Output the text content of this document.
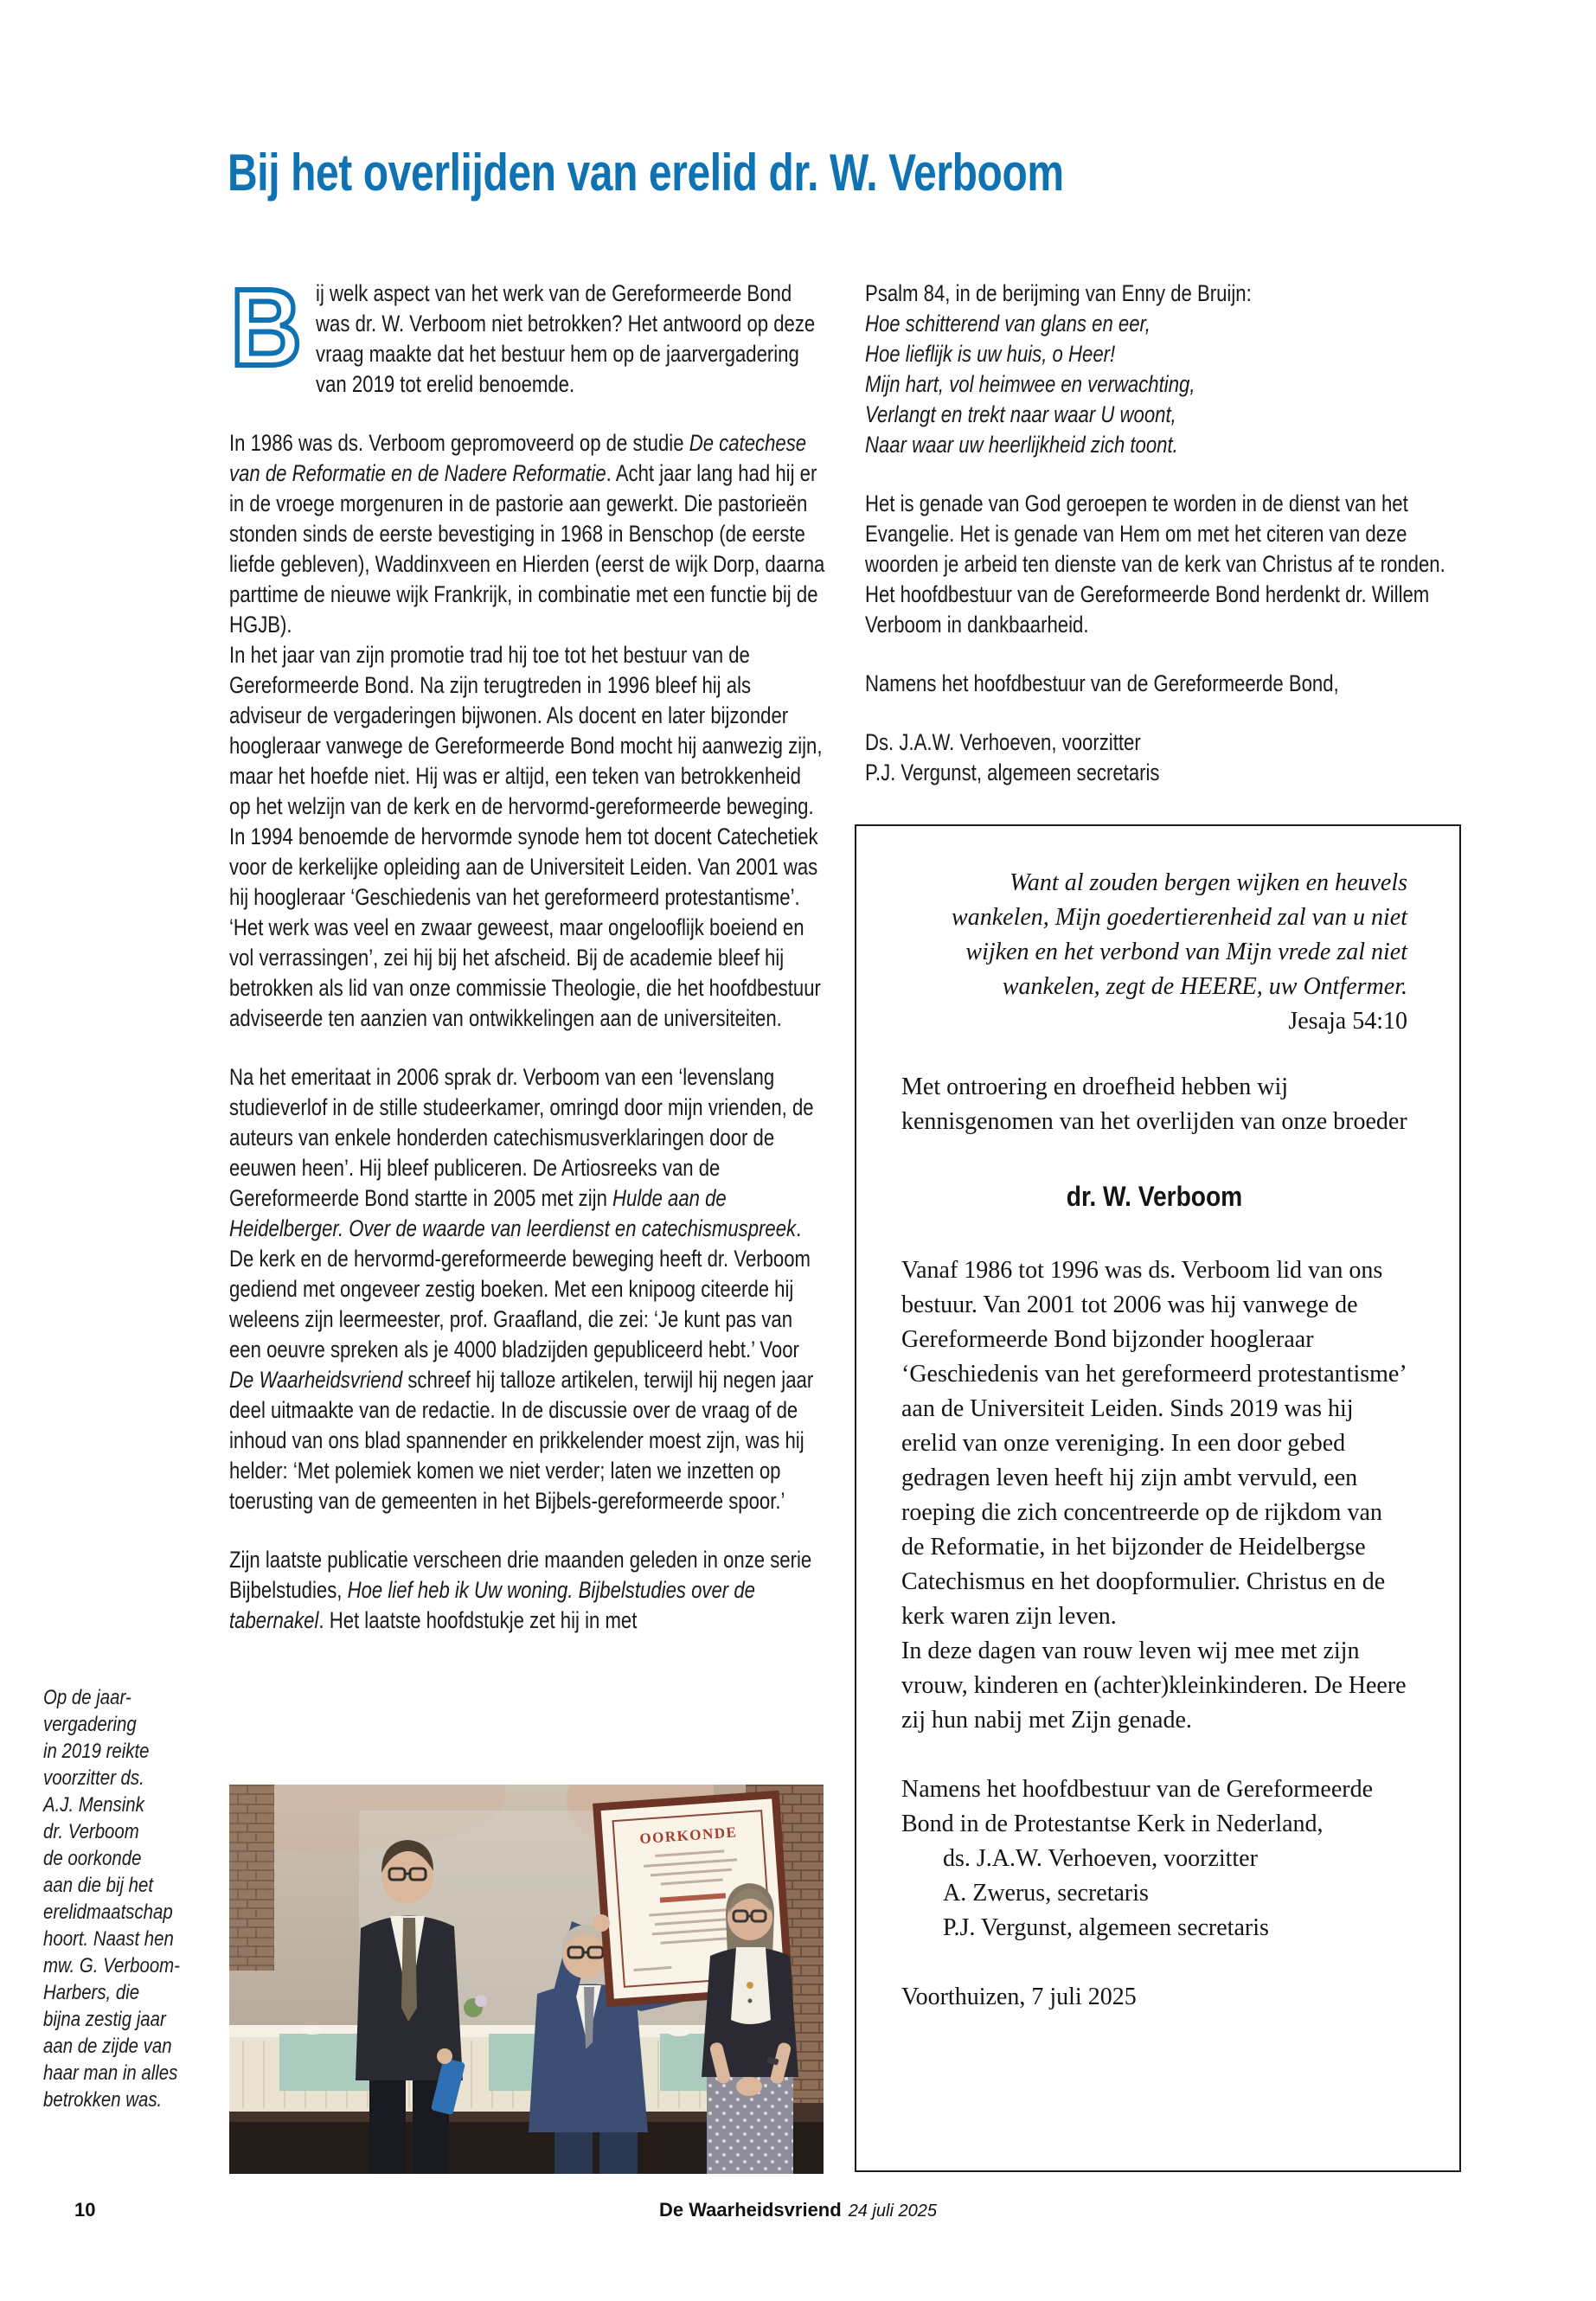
Bij het overlijden van erelid dr. W. Verboom

B ij welk aspect van het werk van de Gereformeerde Bond was dr. W. Verboom niet betrokken? Het antwoord op deze vraag maakte dat het bestuur hem op de jaarvergadering van 2019 tot erelid benoemde.

In 1986 was ds. Verboom gepromoveerd op de studie De catechese van de Reformatie en de Nadere Reformatie. Acht jaar lang had hij er in de vroege morgenuren in de pastorie aan gewerkt. Die pastorieën stonden sinds de eerste bevestiging in 1968 in Benschop (de eerste liefde gebleven), Waddinxveen en Hierden (eerst de wijk Dorp, daarna parttime de nieuwe wijk Frankrijk, in combinatie met een functie bij de HGJB).
In het jaar van zijn promotie trad hij toe tot het bestuur van de Gereformeerde Bond. Na zijn terugtreden in 1996 bleef hij als adviseur de vergaderingen bijwonen. Als docent en later bijzonder hoogleraar vanwege de Gereformeerde Bond mocht hij aanwezig zijn, maar het hoefde niet. Hij was er altijd, een teken van betrokkenheid op het welzijn van de kerk en de hervormd-gereformeerde beweging.
In 1994 benoemde de hervormde synode hem tot docent Catechetiek voor de kerkelijke opleiding aan de Universiteit Leiden. Van 2001 was hij hoogleraar ‘Geschiedenis van het gereformeerd protestantisme’. ‘Het werk was veel en zwaar geweest, maar ongelooflijk boeiend en vol verrassingen’, zei hij bij het afscheid. Bij de academie bleef hij betrokken als lid van onze commissie Theologie, die het hoofdbestuur adviseerde ten aanzien van ontwikkelingen aan de universiteiten.
Na het emeritaat in 2006 sprak dr. Verboom van een ‘levenslang studieverlof in de stille studeerkamer, omringd door mijn vrienden, de auteurs van enkele honderden catechismusverklaringen door de eeuwen heen’. Hij bleef publiceren. De Artiosreeks van de Gereformeerde Bond startte in 2005 met zijn Hulde aan de Heidelberger. Over de waarde van leerdienst en catechismuspreek.
De kerk en de hervormd-gereformeerde beweging heeft dr. Verboom gediend met ongeveer zestig boeken. Met een knipoog citeerde hij weleens zijn leermeester, prof. Graafland, die zei: ‘Je kunt pas van een oeuvre spreken als je 4000 bladzijden gepubliceerd hebt.’ Voor De Waarheidsvriend schreef hij talloze artikelen, terwijl hij negen jaar deel uitmaakte van de redactie. In de discussie over de vraag of de inhoud van ons blad spannender en prikkelender moest zijn, was hij helder: ‘Met polemiek komen we niet verder; laten we inzetten op toerusting van de gemeenten in het Bijbels-gereformeerde spoor.’
Zijn laatste publicatie verscheen drie maanden geleden in onze serie Bijbelstudies, Hoe lief heb ik Uw woning. Bijbelstudies over de tabernakel. Het laatste hoofdstukje zet hij in met
Psalm 84, in de berijming van Enny de Bruijn:
Hoe schitterend van glans en eer,
Hoe lieflijk is uw huis, o Heer!
Mijn hart, vol heimwee en verwachting,
Verlangt en trekt naar waar U woont,
Naar waar uw heerlijkheid zich toont.
Het is genade van God geroepen te worden in de dienst van het Evangelie. Het is genade van Hem om met het citeren van deze woorden je arbeid ten dienste van de kerk van Christus af te ronden. Het hoofdbestuur van de Gereformeerde Bond herdenkt dr. Willem Verboom in dankbaarheid.
Namens het hoofdbestuur van de Gereformeerde Bond,
Ds. J.A.W. Verhoeven, voorzitter
P.J. Vergunst, algemeen secretaris
Want al zouden bergen wijken en heuvels wankelen, Mijn goedertierenheid zal van u niet wijken en het verbond van Mijn vrede zal niet wankelen, zegt de HEERE, uw Ontfermer.
Jesaja 54:10
Met ontroering en droefheid hebben wij kennisgenomen van het overlijden van onze broeder
dr. W. Verboom
Vanaf 1986 tot 1996 was ds. Verboom lid van ons bestuur. Van 2001 tot 2006 was hij vanwege de Gereformeerde Bond bijzonder hoogleraar ‘Geschiedenis van het gereformeerd protestantisme’ aan de Universiteit Leiden. Sinds 2019 was hij erelid van onze vereniging. In een door gebed gedragen leven heeft hij zijn ambt vervuld, een roeping die zich concentreerde op de rijkdom van de Reformatie, in het bijzonder de Heidelbergse Catechismus en het doopformulier. Christus en de kerk waren zijn leven.
In deze dagen van rouw leven wij mee met zijn vrouw, kinderen en (achter)kleinkinderen. De Heere zij hun nabij met Zijn genade.
Namens het hoofdbestuur van de Gereformeerde Bond in de Protestantse Kerk in Nederland,
ds. J.A.W. Verhoeven, voorzitter
A. Zwerus, secretaris
P.J. Vergunst, algemeen secretaris
Voorthuizen, 7 juli 2025
OORKONDE
Op de jaar-
vergadering
in 2019 reikte
voorzitter ds.
A.J. Mensink
dr. Verboom
de oorkonde
aan die bij het
erelidmaatschap
hoort. Naast hen
mw. G. Verboom-
Harbers, die
bijna zestig jaar
aan de zijde van
haar man in alles
betrokken was.
10	De Waarheidsvriend 24 juli 2025
